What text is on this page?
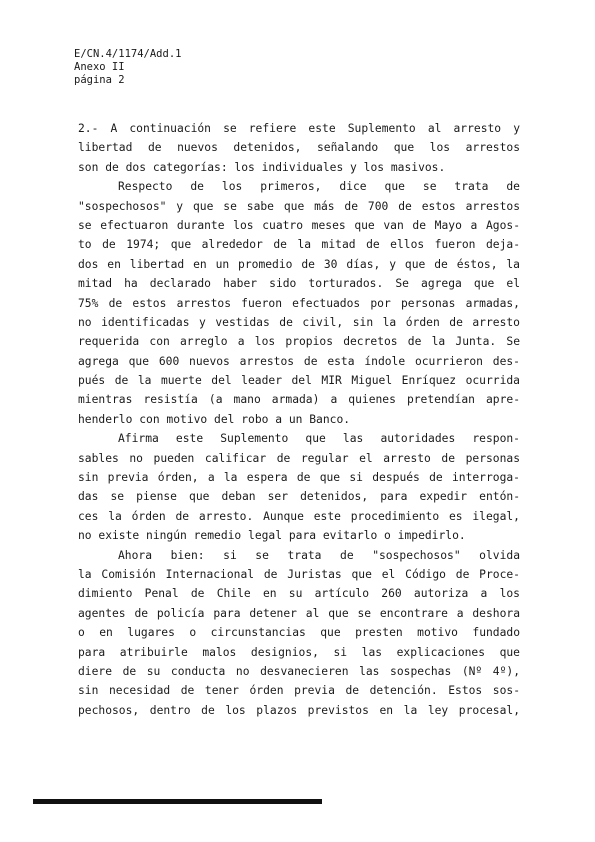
E/CN.4/1174/Add.1
Anexo II
página 2
2.- A continuación se refiere este Suplemento al arresto y
libertad de nuevos detenidos, señalando que los arrestos
son de dos categorías: los individuales y los masivos.
Respecto de los primeros, dice que se trata de
"sospechosos" y que se sabe que más de 700 de estos arrestos
se efectuaron durante los cuatro meses que van de Mayo a Agos-
to de 1974; que alrededor de la mitad de ellos fueron deja-
dos en libertad en un promedio de 30 días, y que de éstos, la
mitad ha declarado haber sido torturados. Se agrega que el
75% de estos arrestos fueron efectuados por personas armadas,
no identificadas y vestidas de civil, sin la órden de arresto
requerida con arreglo a los propios decretos de la Junta. Se
agrega que 600 nuevos arrestos de esta índole ocurrieron des-
pués de la muerte del leader del MIR Miguel Enríquez ocurrida
mientras resistía (a mano armada) a quienes pretendían apre-
henderlo con motivo del robo a un Banco.
Afirma este Suplemento que las autoridades respon-
sables no pueden calificar de regular el arresto de personas
sin previa órden, a la espera de que si después de interroga-
das se piense que deban ser detenidos, para expedir entón-
ces la órden de arresto. Aunque este procedimiento es ilegal,
no existe ningún remedio legal para evitarlo o impedirlo.
Ahora bien: si se trata de "sospechosos" olvida
la Comisión Internacional de Juristas que el Código de Proce-
dimiento Penal de Chile en su artículo 260 autoriza a los
agentes de policía para detener al que se encontrare a deshora
o en lugares o circunstancias que presten motivo fundado
para atribuirle malos designios, si las explicaciones que
diere de su conducta no desvanecieren las sospechas (Nº 4º),
sin necesidad de tener órden previa de detención. Estos sos-
pechosos, dentro de los plazos previstos en la ley procesal,
